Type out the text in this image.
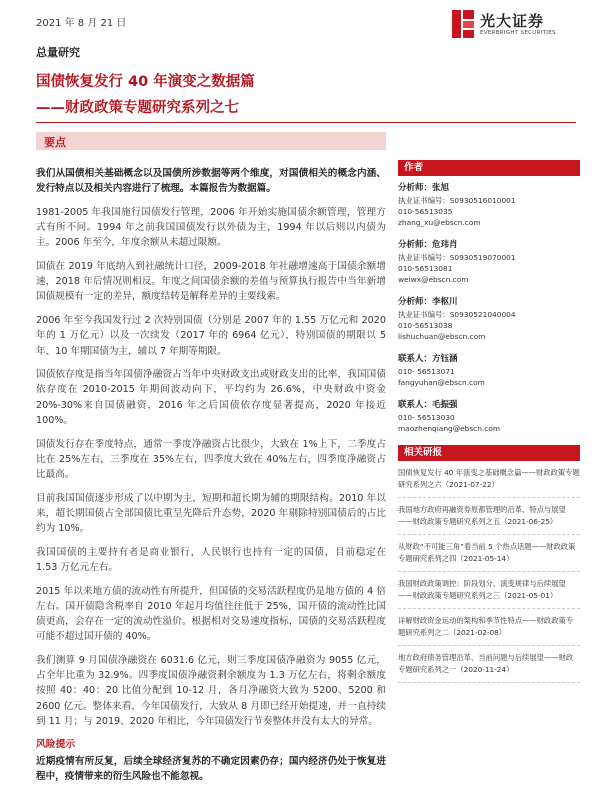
2021 年 8 月 21 日	光大证券
EVERBRIGHT SECURITIES
总量研究
国债恢复发行 40 年演变之数据篇
——财政政策专题研究系列之七
要点

我们从国债相关基础概念以及国债所涉数据等两个维度，对国债相关的概念内涵、发行特点以及相关内容进行了梳理。本篇报告为数据篇。

1981-2005 年我国施行国债发行管理，2006 年开始实施国债余额管理，管理方式有所不同。1994 年之前我国国债发行以外债为主，1994 年以后则以内债为主。2006 年至今，年度余额从未超过限额。

国债在 2019 年底纳入到社融统计口径，2009-2018 年社融增速高于国债余额增速，2018 年后情况则相反。年度之间国债余额的差值与预算执行报告中当年新增国债规模有一定的差异，额度结转是解释差异的主要线索。

2006 年至今我国发行过 2 次特别国债（分别是 2007 年的 1.55 万亿元和 2020 年的 1 万亿元）以及一次续发（2017 年的 6964 亿元），特别国债的期限以 5 年、10 年期国债为主，辅以 7 年期等期限。

国债依存度是指当年国债净融资占当年中央财政支出或财政支出的比率，我国国债依存度在 2010-2015 年期间波动向下，平均约为 26.6%，中央财政中资金 20%-30%来自国债融资，2016 年之后国债依存度显著提高，2020 年接近 100%。

国债发行存在季度特点，通常一季度净融资占比很少，大致在 1%上下，二季度占比在 25%左右，三季度在 35%左右，四季度大致在 40%左右，四季度净融资占比最高。

目前我国国债逐步形成了以中期为主，短期和超长期为辅的期限结构。2010 年以来，超长期国债占全部国债比重呈先降后升态势，2020 年剔除特别国债后的占比约为 10%。

我国国债的主要持有者是商业银行，人民银行也持有一定的国债，目前稳定在 1.53 万亿元左右。

2015 年以来地方债的流动性有所提升，但国债的交易活跃程度仍是地方债的 4 倍左右。国开债隐含税率自 2010 年起月均值往往低于 25%，国开债的流动性比国债更高，会存在一定的流动性溢价。根据相对交易速度指标，国债的交易活跃程度可能不超过国开债的 40%。

我们测算 9 月国债净融资在 6031.6 亿元，则三季度国债净融资为 9055 亿元，占全年比重为 32.9%。四季度国债净融资剩余额度为 1.3 万亿左右，将剩余额度按照 40：40：20 比值分配到 10-12 月，各月净融资大致为 5200、5200 和 2600 亿元。整体来看，今年国债发行，大致从 8 月即已经开始提速，并一直持续到 11 月；与 2019、2020 年相比，今年国债发行节奏整体并没有太大的异常。

风险提示

近期疫情有所反复，后续全球经济复苏的不确定因素仍存；国内经济仍处于恢复进程中，疫情带来的衍生风险也不能忽视。

作者
分析师：张旭
执业证书编号：S0930516010001
010-56513035
zhang_xu@ebscn.com
分析师：危玮肖
执业证书编号：S0930519070001
010-56513081
weiwx@ebscn.com
分析师：李枢川
执业证书编号：S0930521040004
010-56513038
lishuchuan@ebscn.com
联系人：方钰涵
010- 56513071
fangyuhan@ebscn.com
联系人：毛振强
010- 56513030
maozhenqiang@ebscn.com
相关研报
国债恢复发行 40 年演变之基础概念篇——财政政策专题研究系列之六（2021-07-22）
我国地方政府再融资券原都管理的沿革、特点与展望——财政政策专题研究系列之五（2021-06-25）
从财政“不可能三角”看当前 5 个热点话题——财政政策专题研究系列之四（2021-05-14）
我国财政政策调控：阶段划分、演变规律与后续展望——财政政策专题研究系列之三（2021-05-01）
详解财政资金运动的架构和季节性特点——财政政策专题研究系列之二（2021-02-08）
地方政府债务管理沿革、当前问题与后续展望——财政专题研究系列之一（2020-11-24）
